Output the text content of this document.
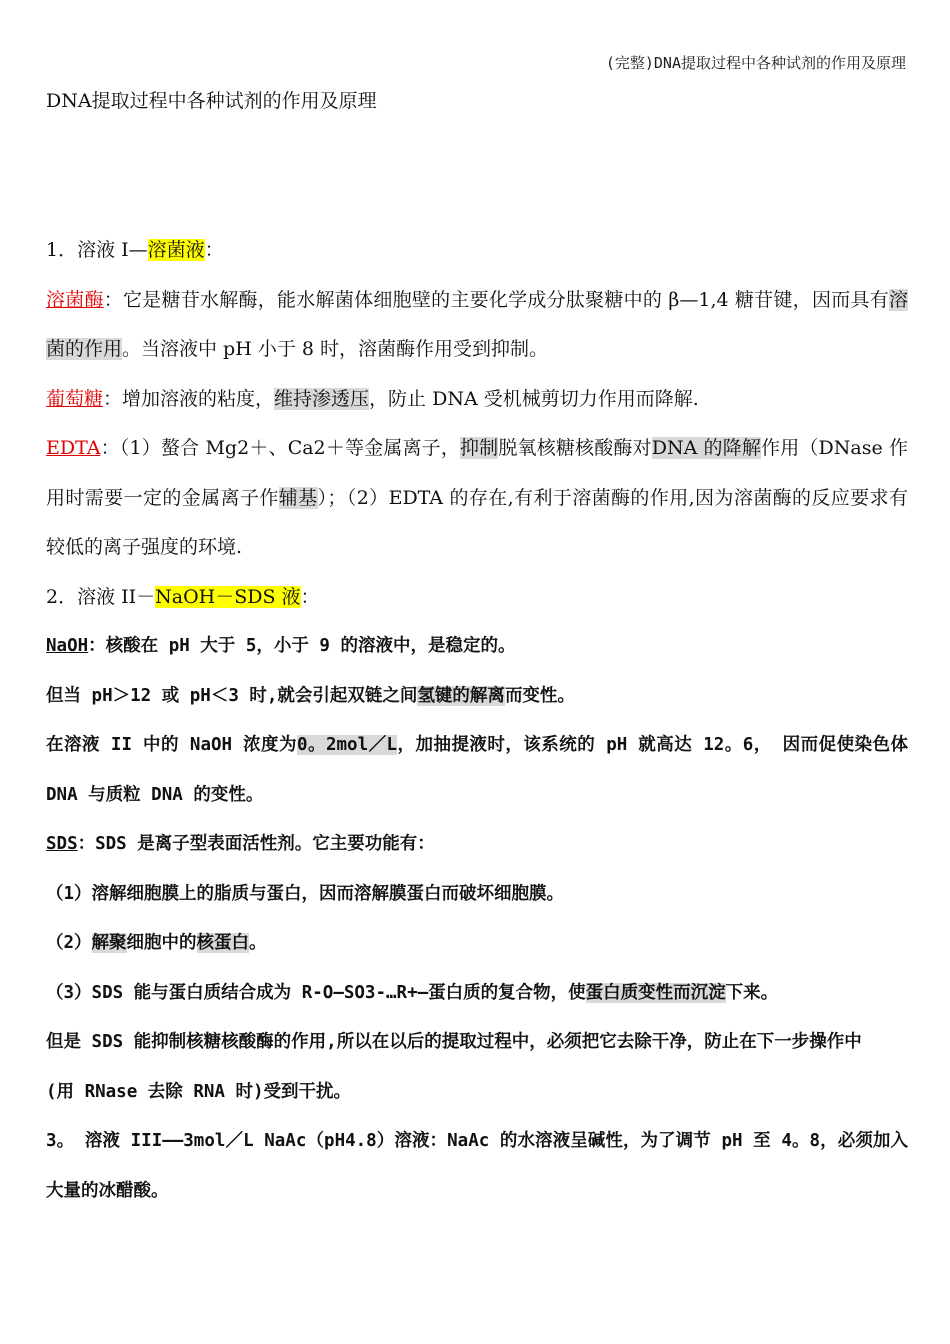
(完整)DNA提取过程中各种试剂的作用及原理
DNA提取过程中各种试剂的作用及原理

1．溶液 I—溶菌液：

溶菌酶：它是糖苷水解酶，能水解菌体细胞壁的主要化学成分肽聚糖中的 β—1,4 糖苷键，因而具有溶菌的作用。当溶液中 pH 小于 8 时，溶菌酶作用受到抑制。

葡萄糖：增加溶液的粘度，维持渗透压，防止 DNA 受机械剪切力作用而降解.

EDTA：（1）螯合 Mg2＋、Ca2＋等金属离子，抑制脱氧核糖核酸酶对DNA 的降解作用（DNase 作用时需要一定的金属离子作辅基）；（2）EDTA 的存在,有利于溶菌酶的作用,因为溶菌酶的反应要求有较低的离子强度的环境.

2．溶液 II－NaOH－SDS 液：

NaOH：核酸在 pH 大于 5，小于 9 的溶液中，是稳定的。

但当 pH＞12 或 pH＜3 时,就会引起双链之间氢键的解离而变性。

在溶液 II 中的 NaOH 浓度为0。2mol／L，加抽提液时，该系统的 pH 就高达 12。6， 因而促使染色体 DNA 与质粒 DNA 的变性。

SDS：SDS 是离子型表面活性剂。它主要功能有：

（1）溶解细胞膜上的脂质与蛋白，因而溶解膜蛋白而破坏细胞膜。

（2）解聚细胞中的核蛋白。

（3）SDS 能与蛋白质结合成为 R-O—SO3-…R+—蛋白质的复合物，使蛋白质变性而沉淀下来。

但是 SDS 能抑制核糖核酸酶的作用,所以在以后的提取过程中，必须把它去除干净，防止在下一步操作中

(用 RNase 去除 RNA 时)受到干扰。

3。 溶液 III——3mol／L NaAc（pH4.8）溶液：NaAc 的水溶液呈碱性，为了调节 pH 至 4。8，必须加入大量的冰醋酸。
